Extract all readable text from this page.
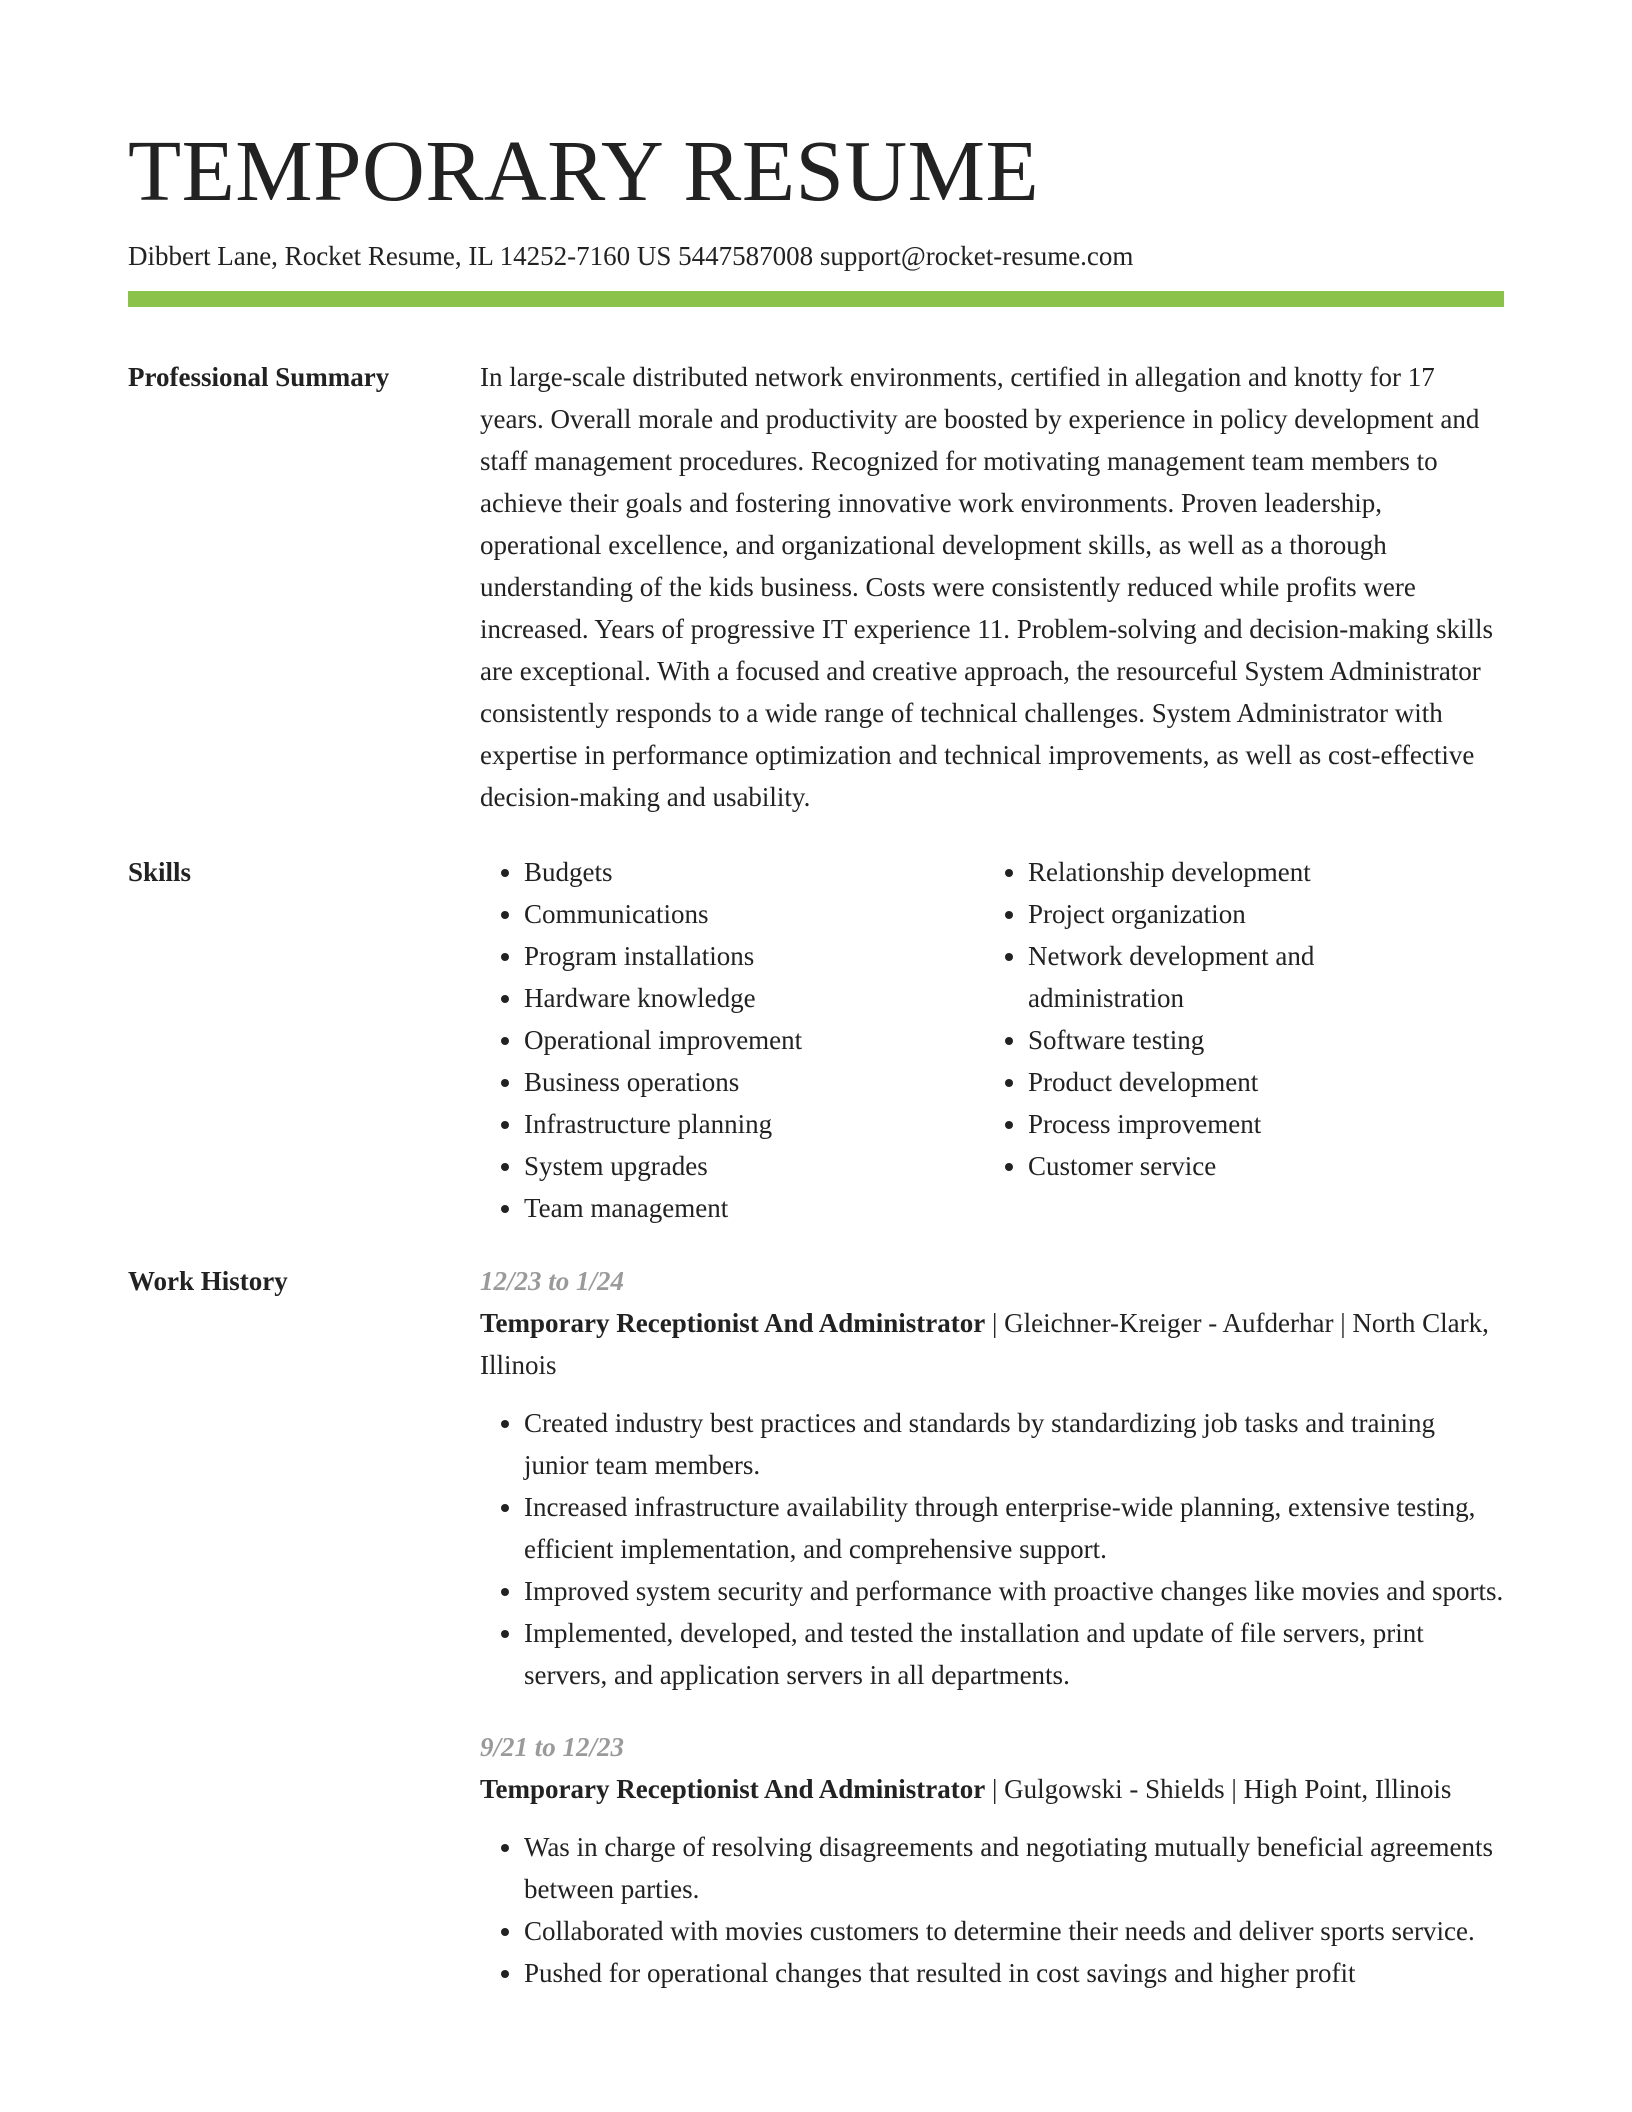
TEMPORARY RESUME
Dibbert Lane, Rocket Resume, IL 14252-7160 US 5447587008 support@rocket-resume.com
Professional Summary	In large-scale distributed network environments, certified in allegation and knotty for 17 years. Overall morale and productivity are boosted by experience in policy development and staff management procedures. Recognized for motivating management team members to achieve their goals and fostering innovative work environments. Proven leadership, operational excellence, and organizational development skills, as well as a thorough understanding of the kids business. Costs were consistently reduced while profits were increased. Years of progressive IT experience 11. Problem-solving and decision-making skills are exceptional. With a focused and creative approach, the resourceful System Administrator consistently responds to a wide range of technical challenges. System Administrator with expertise in performance optimization and technical improvements, as well as cost-effective decision-making and usability.

Skills
•	Budgets
• Communications
• Program installations
• Hardware knowledge
• Operational improvement
• Business operations
• Infrastructure planning
• System upgrades
• Team management
• Relationship development
• Project organization
• Network development and administration
• Software testing
• Product development
• Process improvement
• Customer service
Work History	12/23 to 1/24
Temporary Receptionist And Administrator | Gleichner-Kreiger - Aufderhar | North Clark, Illinois
• Created industry best practices and standards by standardizing job tasks and training junior team members.
• Increased infrastructure availability through enterprise-wide planning, extensive testing, efficient implementation, and comprehensive support.
• Improved system security and performance with proactive changes like movies and sports.
• Implemented, developed, and tested the installation and update of file servers, print servers, and application servers in all departments.
9/21 to 12/23
Temporary Receptionist And Administrator | Gulgowski - Shields | High Point, Illinois
• Was in charge of resolving disagreements and negotiating mutually beneficial agreements between parties.
• Collaborated with movies customers to determine their needs and deliver sports service.
• Pushed for operational changes that resulted in cost savings and higher profit
